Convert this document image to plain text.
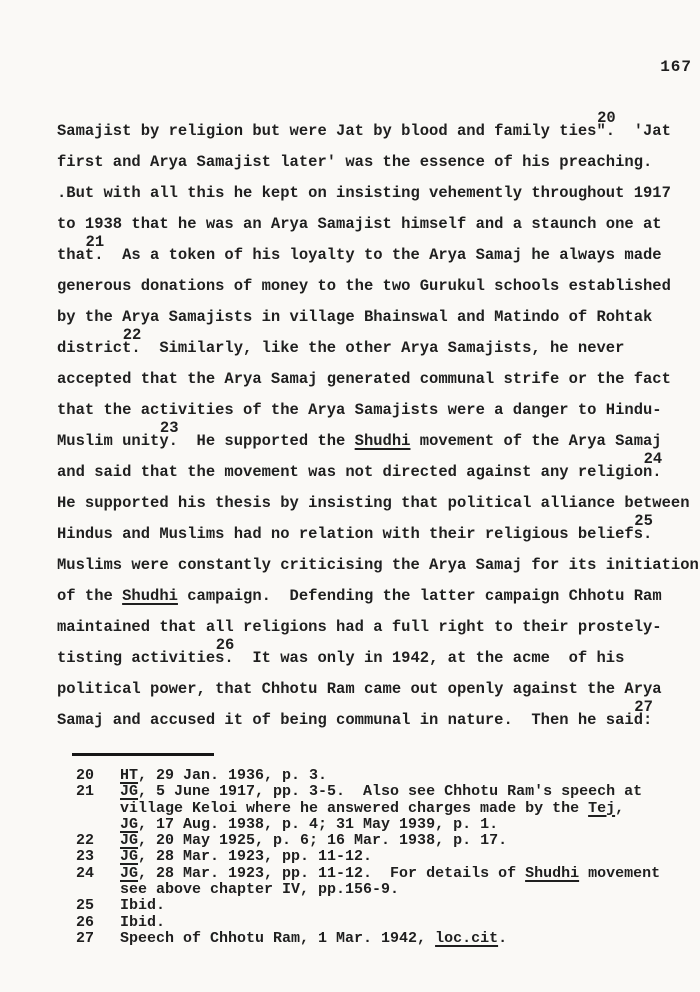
167
Samajist by religion but were Jat by blood and family ties".20  'Jat
first and Arya Samajist later' was the essence of his preaching.
.But with all this he kept on insisting vehemently throughout 1917
to 1938 that he was an Arya Samajist himself and a staunch one at
that.21  As a token of his loyalty to the Arya Samaj he always made
generous donations of money to the two Gurukul schools established
by the Arya Samajists in village Bhainswal and Matindo of Rohtak
district.22  Similarly, like the other Arya Samajists, he never
accepted that the Arya Samaj generated communal strife or the fact
that the activities of the Arya Samajists were a danger to Hindu-
Muslim unity.23  He supported the Shudhi movement of the Arya Samaj
and said that the movement was not directed against any religion.24
He supported his thesis by insisting that political alliance between
Hindus and Muslims had no relation with their religious beliefs.25
Muslims were constantly criticising the Arya Samaj for its initiation
of the Shudhi campaign.  Defending the latter campaign Chhotu Ram
maintained that all religions had a full right to their prostely-
tisting activities.26  It was only in 1942, at the acme  of his
political power, that Chhotu Ram came out openly against the Arya
Samaj and accused it of being communal in nature.  Then he said:27
20	HT, 29 Jan. 1936, p. 3.
21	JG, 5 June 1917, pp. 3-5.  Also see Chhotu Ram's speech at
village Keloi where he answered charges made by the Tej,
JG, 17 Aug. 1938, p. 4; 31 May 1939, p. 1.
22	JG, 20 May 1925, p. 6; 16 Mar. 1938, p. 17.
23	JG, 28 Mar. 1923, pp. 11-12.
24	JG, 28 Mar. 1923, pp. 11-12.  For details of Shudhi movement
see above chapter IV, pp.156-9.
25	Ibid.
26	Ibid.
27	Speech of Chhotu Ram, 1 Mar. 1942, loc.cit.
